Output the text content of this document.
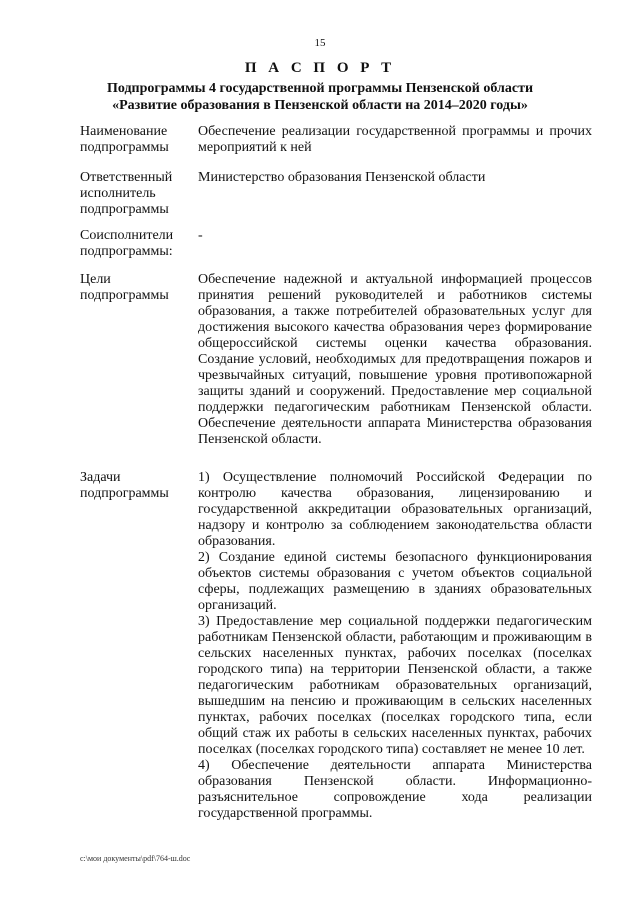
15
П А С П О Р Т
Подпрограммы 4 государственной программы Пензенской области
«Развитие образования в Пензенской области на 2014–2020 годы»
Наименование подпрограммы
Обеспечение реализации государственной программы и прочих мероприятий к ней
Ответственный исполнитель подпрограммы
Министерство образования Пензенской области
Соисполнители подпрограммы:
-
Цели подпрограммы
Обеспечение надежной и актуальной информацией процессов принятия решений руководителей и работников системы образования, а также потребителей образовательных услуг для достижения высокого качества образования через формирование общероссийской системы оценки качества образования. Создание условий, необходимых для предотвращения пожаров и чрезвычайных ситуаций, повышение уровня противопожарной защиты зданий и сооружений. Предоставление мер социальной поддержки педагогическим работникам Пензенской области. Обеспечение деятельности аппарата Министерства образования Пензенской области.
Задачи подпрограммы

1) Осуществление полномочий Российской Федерации по контролю качества образования, лицензированию и государственной аккредитации образовательных организаций, надзору и контролю за соблюдением законодательства области образования.

2) Создание единой системы безопасного функционирования объектов системы образования с учетом объектов социальной сферы, подлежащих размещению в зданиях образовательных организаций.

3) Предоставление мер социальной поддержки педагогическим работникам Пензенской области, работающим и проживающим в сельских населенных пунктах, рабочих поселках (поселках городского типа) на территории Пензенской области, а также педагогическим работникам образовательных организаций, вышедшим на пенсию и проживающим в сельских населенных пунктах, рабочих поселках (поселках городского типа, если общий стаж их работы в сельских населенных пунктах, рабочих поселках (поселках городского типа) составляет не менее 10 лет.

4) Обеспечение деятельности аппарата Министерства образования Пензенской области. Информационно-разъяснительное сопровождение хода реализации государственной программы.

c:\мои документы\pdf\764-ш.doc
